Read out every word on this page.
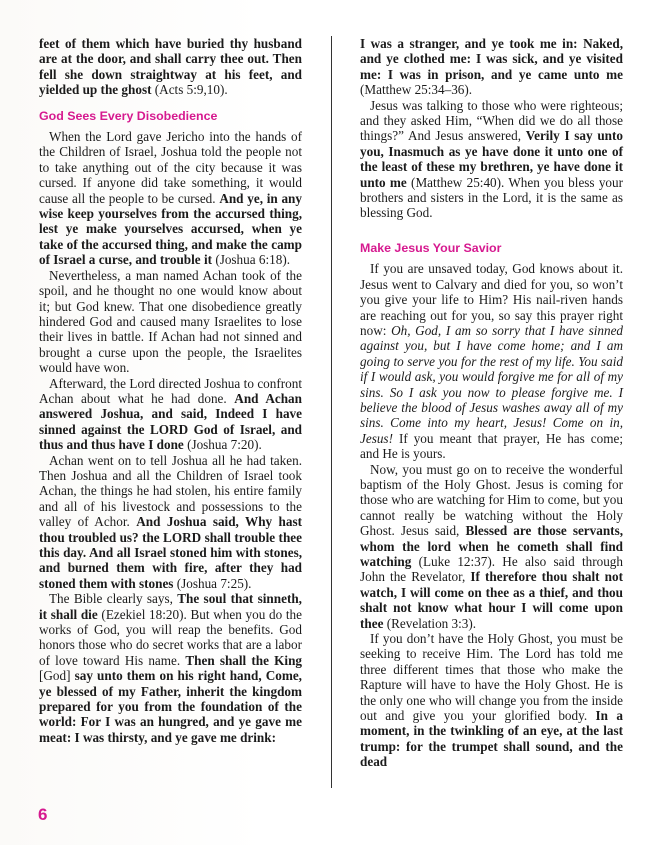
feet of them which have buried thy husband are at the door, and shall carry thee out. Then fell she down straightway at his feet, and yielded up the ghost (Acts 5:9,10).

God Sees Every Disobedience

When the Lord gave Jericho into the hands of the Children of Israel, Joshua told the people not to take anything out of the city because it was cursed. If anyone did take something, it would cause all the people to be cursed. And ye, in any wise keep yourselves from the accursed thing, lest ye make yourselves accursed, when ye take of the accursed thing, and make the camp of Israel a curse, and trouble it (Joshua 6:18).

Nevertheless, a man named Achan took of the spoil, and he thought no one would know about it; but God knew. That one disobedience greatly hindered God and caused many Israelites to lose their lives in battle. If Achan had not sinned and brought a curse upon the people, the Israelites would have won.

Afterward, the Lord directed Joshua to confront Achan about what he had done. And Achan answered Joshua, and said, Indeed I have sinned against the LORD God of Israel, and thus and thus have I done (Joshua 7:20).

Achan went on to tell Joshua all he had taken. Then Joshua and all the Children of Israel took Achan, the things he had stolen, his entire family and all of his livestock and possessions to the valley of Achor. And Joshua said, Why hast thou troubled us? the LORD shall trouble thee this day. And all Israel stoned him with stones, and burned them with fire, after they had stoned them with stones (Joshua 7:25).

The Bible clearly says, The soul that sinneth, it shall die (Ezekiel 18:20). But when you do the works of God, you will reap the benefits. God honors those who do secret works that are a labor of love toward His name. Then shall the King [God] say unto them on his right hand, Come, ye blessed of my Father, inherit the kingdom prepared for you from the foundation of the world: For I was an hungred, and ye gave me meat: I was thirsty, and ye gave me drink:

I was a stranger, and ye took me in: Naked, and ye clothed me: I was sick, and ye visited me: I was in prison, and ye came unto me (Matthew 25:34–36).

Jesus was talking to those who were righteous; and they asked Him, “When did we do all those things?” And Jesus answered, Verily I say unto you, Inasmuch as ye have done it unto one of the least of these my brethren, ye have done it unto me (Matthew 25:40). When you bless your brothers and sisters in the Lord, it is the same as blessing God.

Make Jesus Your Savior

If you are unsaved today, God knows about it. Jesus went to Calvary and died for you, so won’t you give your life to Him? His nail-riven hands are reaching out for you, so say this prayer right now: Oh, God, I am so sorry that I have sinned against you, but I have come home; and I am going to serve you for the rest of my life. You said if I would ask, you would forgive me for all of my sins. So I ask you now to please forgive me. I believe the blood of Jesus washes away all of my sins. Come into my heart, Jesus! Come on in, Jesus! If you meant that prayer, He has come; and He is yours.

Now, you must go on to receive the wonderful baptism of the Holy Ghost. Jesus is coming for those who are watching for Him to come, but you cannot really be watching without the Holy Ghost. Jesus said, Blessed are those servants, whom the lord when he cometh shall find watching (Luke 12:37). He also said through John the Revelator, If therefore thou shalt not watch, I will come on thee as a thief, and thou shalt not know what hour I will come upon thee (Revelation 3:3).

If you don’t have the Holy Ghost, you must be seeking to receive Him. The Lord has told me three different times that those who make the Rapture will have to have the Holy Ghost. He is the only one who will change you from the inside out and give you your glorified body. In a moment, in the twinkling of an eye, at the last trump: for the trumpet shall sound, and the dead

6
